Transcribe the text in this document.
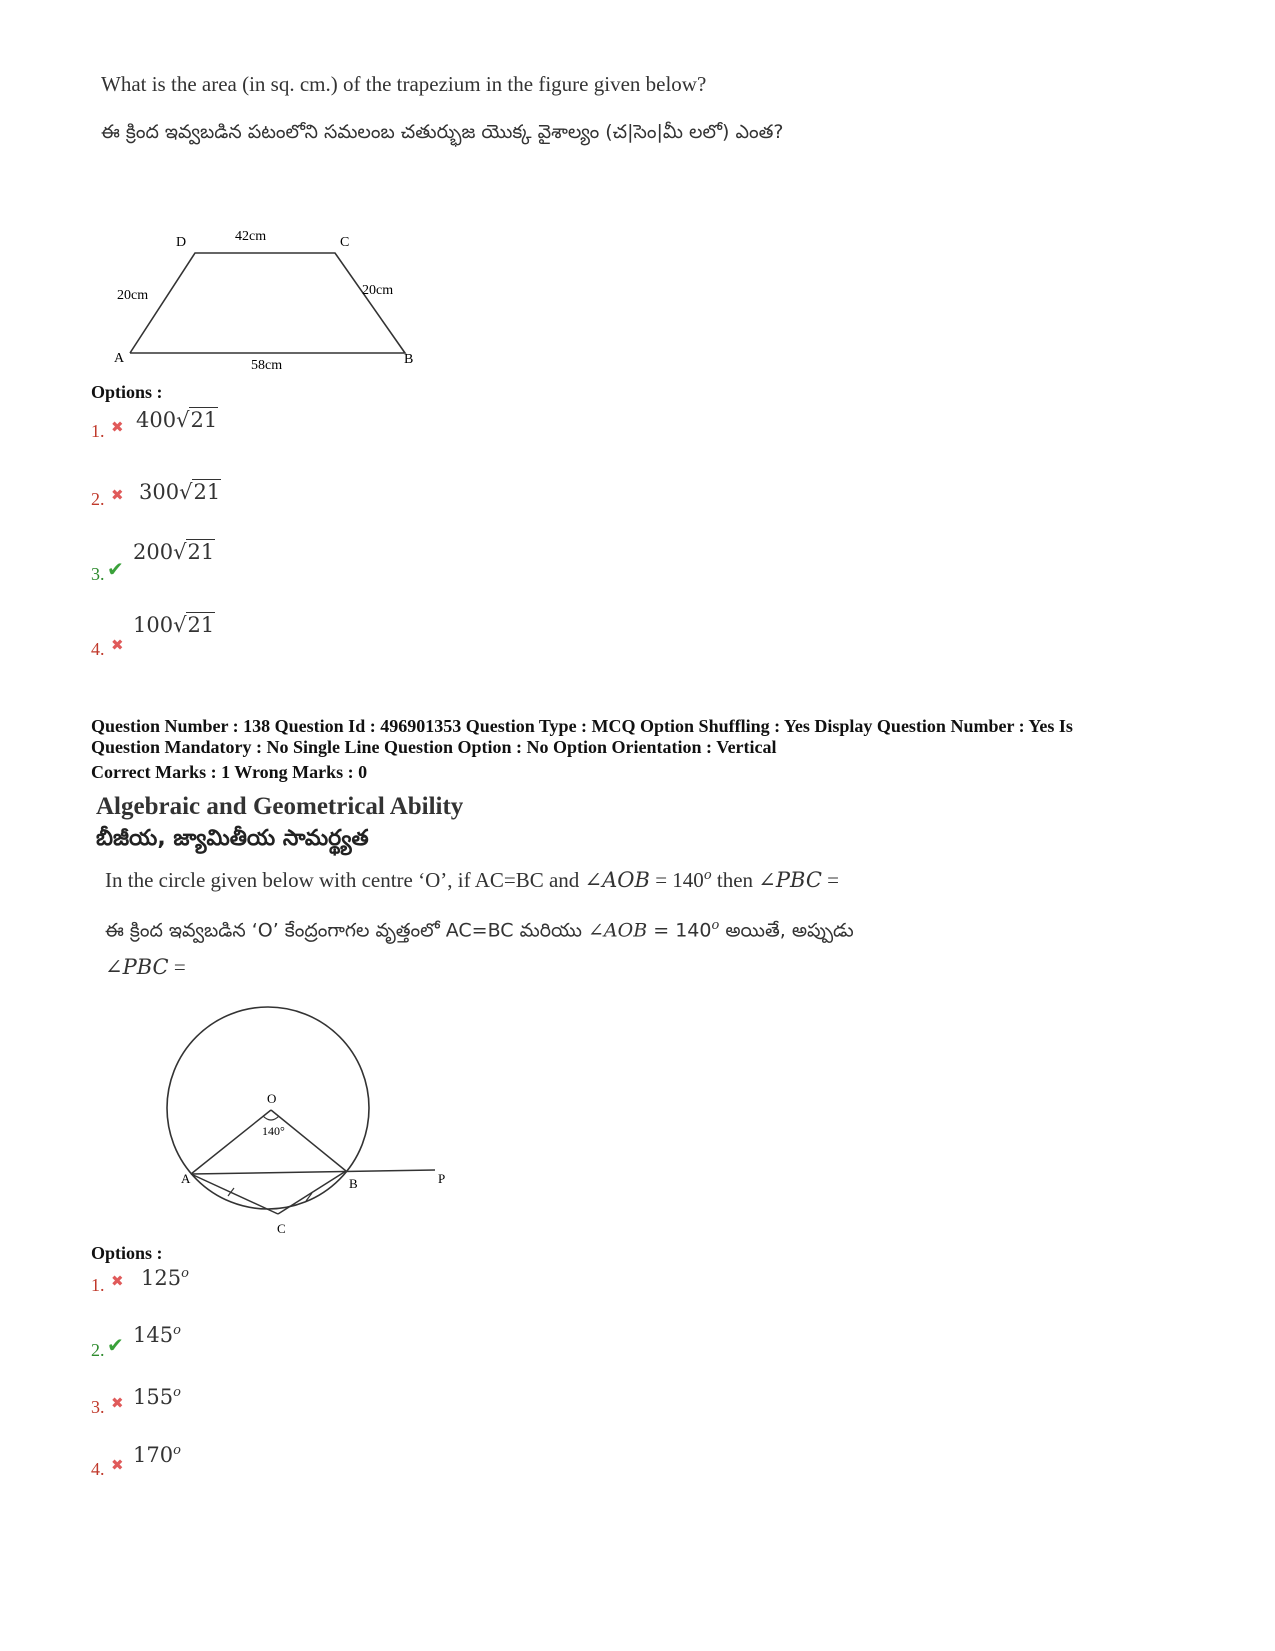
What is the area (in sq. cm.) of the trapezium in the figure given below?
ఈ క్రింద ఇవ్వబడిన పటంలోని సమలంబ చతుర్భుజ యొక్క వైశాల్యం (చ|సెం|మీ లలో) ఎంత?
D	42cm	C
20cm	20cm
A	B
58cm
Options :
1. ✖ 400√21
2. ✖ 300√21
3. ✔
200√21
4. ✖
100√21
Question Number : 138 Question Id : 496901353 Question Type : MCQ Option Shuffling : Yes Display Question Number : Yes Is
Question Mandatory : No Single Line Question Option : No Option Orientation : Vertical
Correct Marks : 1 Wrong Marks : 0
Algebraic and Geometrical Ability
బీజీయ, జ్యామితీయ సామర్థ్యత
In the circle given below with centre ‘O’, if AC=BC and ∠AOB = $140^o$ then ∠PBC =
ఈ క్రింద ఇవ్వబడిన ‘O’ కేంద్రంగాగల వృత్తంలో AC=BC మరియు ∠AOB = $140^o$ అయితే, అప్పుడు
∠PBC =
O
140°
A	B	P
C
Options :
1. ✖ 125$^o$
2. ✔ 145$^o$
3. ✖ 155$^o$
4. ✖ 170$^o$
